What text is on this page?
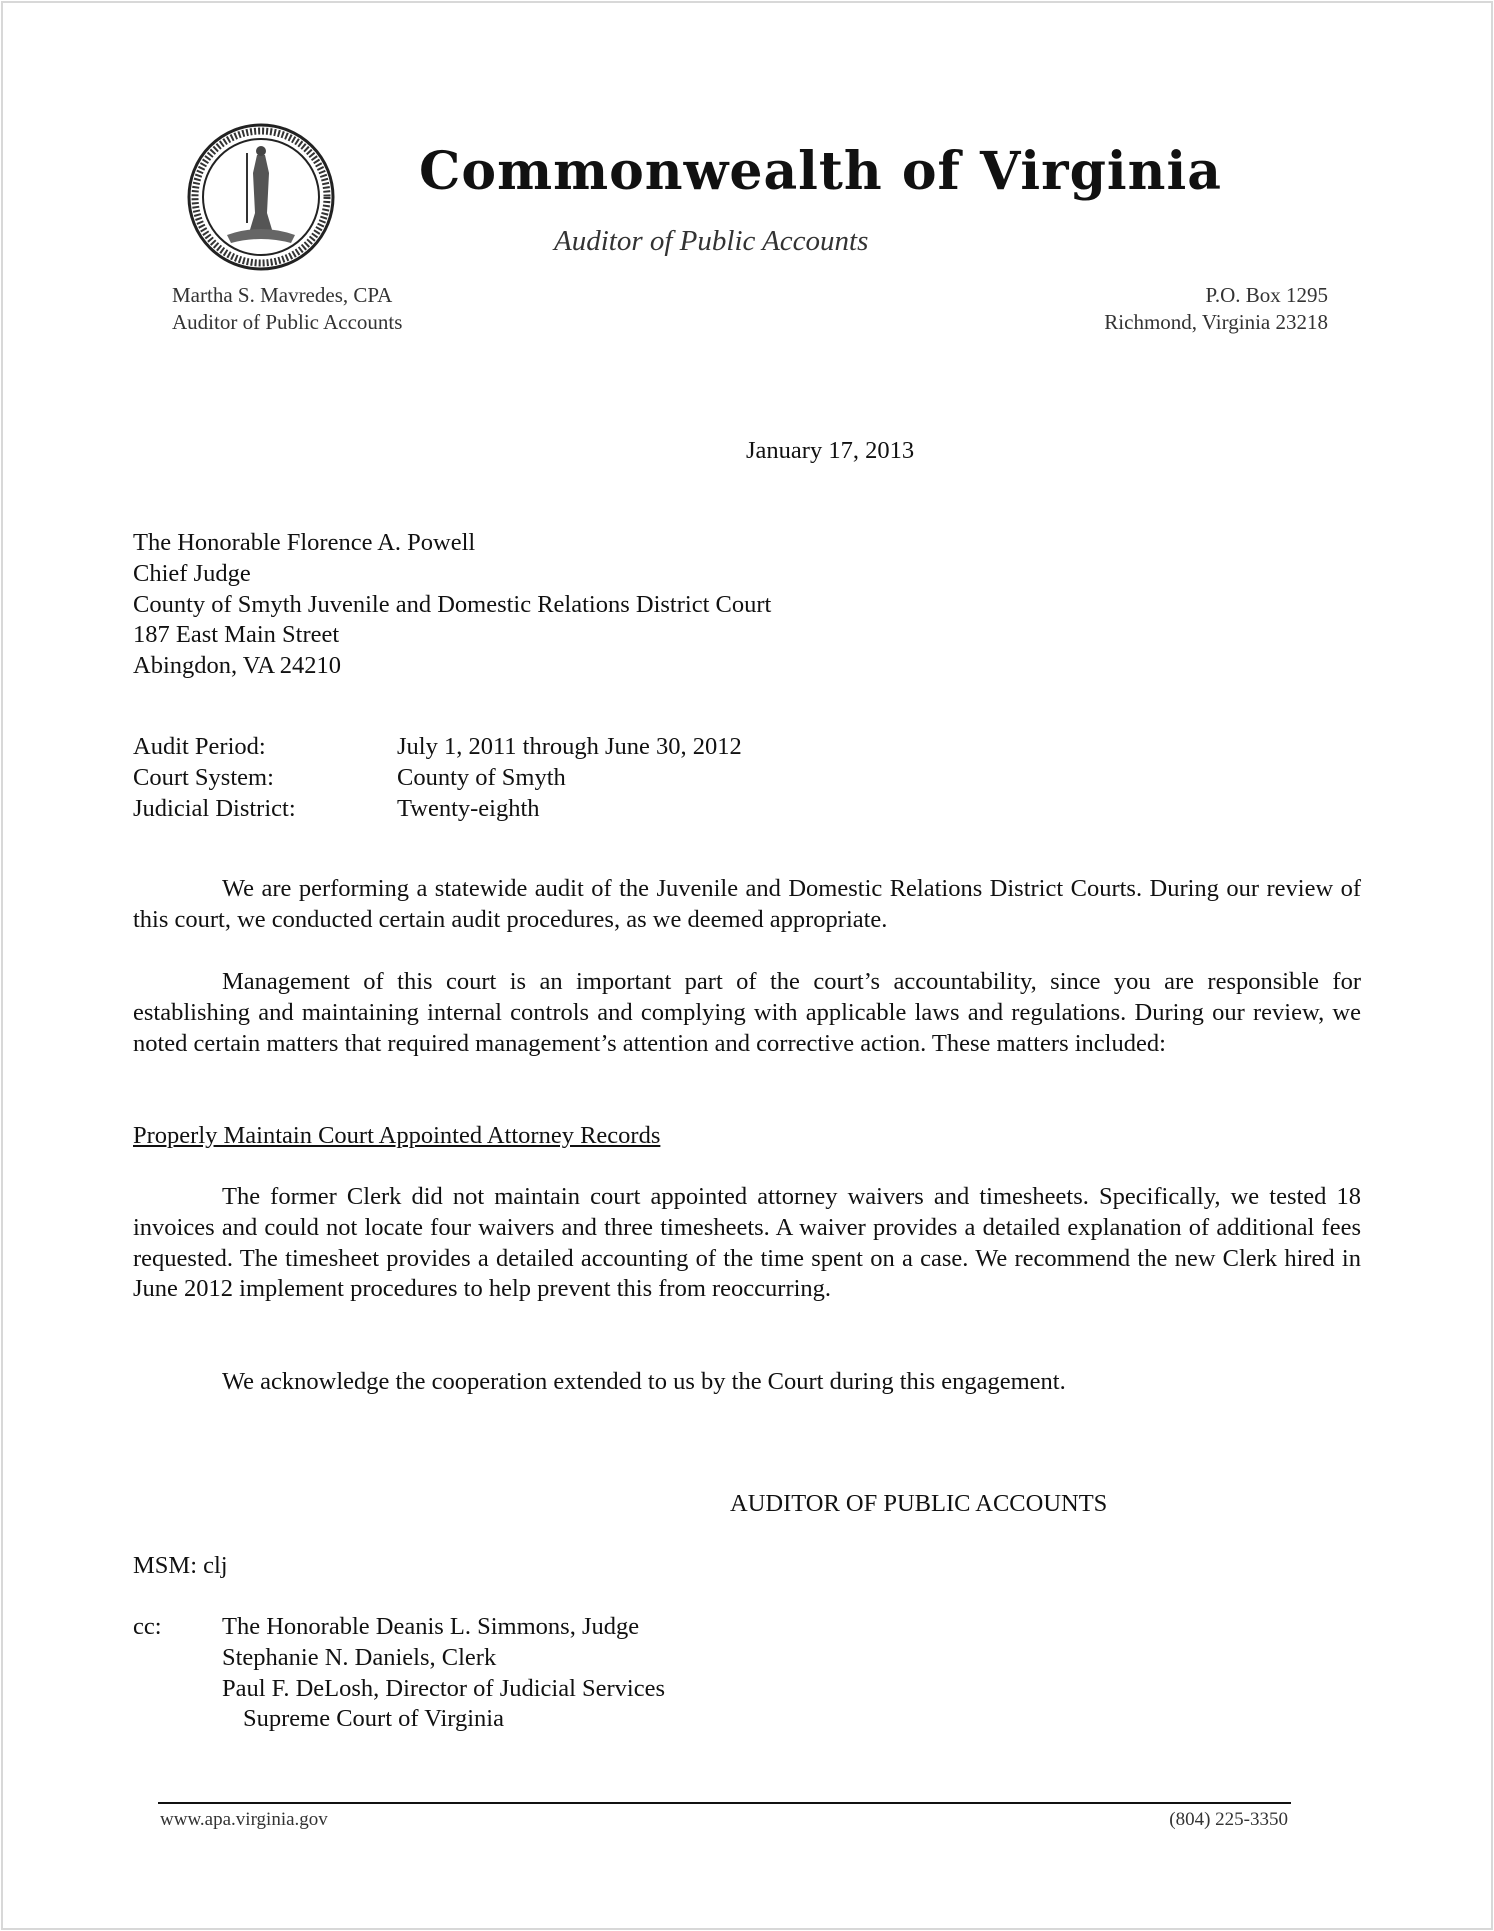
Commonwealth of Virginia
Auditor of Public Accounts
Martha S. Mavredes, CPA
Auditor of Public Accounts
P.O. Box 1295
Richmond, Virginia 23218
January 17, 2013
The Honorable Florence A. Powell
Chief Judge
County of Smyth Juvenile and Domestic Relations District Court
187 East Main Street
Abingdon, VA 24210
Audit Period:	July 1, 2011 through June 30, 2012
Court System:	County of Smyth
Judicial District:	Twenty-eighth
We are performing a statewide audit of the Juvenile and Domestic Relations District Courts. During our review of this court, we conducted certain audit procedures, as we deemed appropriate.
Management of this court is an important part of the court’s accountability, since you are responsible for establishing and maintaining internal controls and complying with applicable laws and regulations. During our review, we noted certain matters that required management’s attention and corrective action. These matters included:
Properly Maintain Court Appointed Attorney Records
The former Clerk did not maintain court appointed attorney waivers and timesheets. Specifically, we tested 18 invoices and could not locate four waivers and three timesheets. A waiver provides a detailed explanation of additional fees requested. The timesheet provides a detailed accounting of the time spent on a case. We recommend the new Clerk hired in June 2012 implement procedures to help prevent this from reoccurring.
We acknowledge the cooperation extended to us by the Court during this engagement.
AUDITOR OF PUBLIC ACCOUNTS
MSM: clj
cc: The Honorable Deanis L. Simmons, Judge
Stephanie N. Daniels, Clerk
Paul F. DeLosh, Director of Judicial Services
Supreme Court of Virginia
www.apa.virginia.gov	(804) 225-3350
